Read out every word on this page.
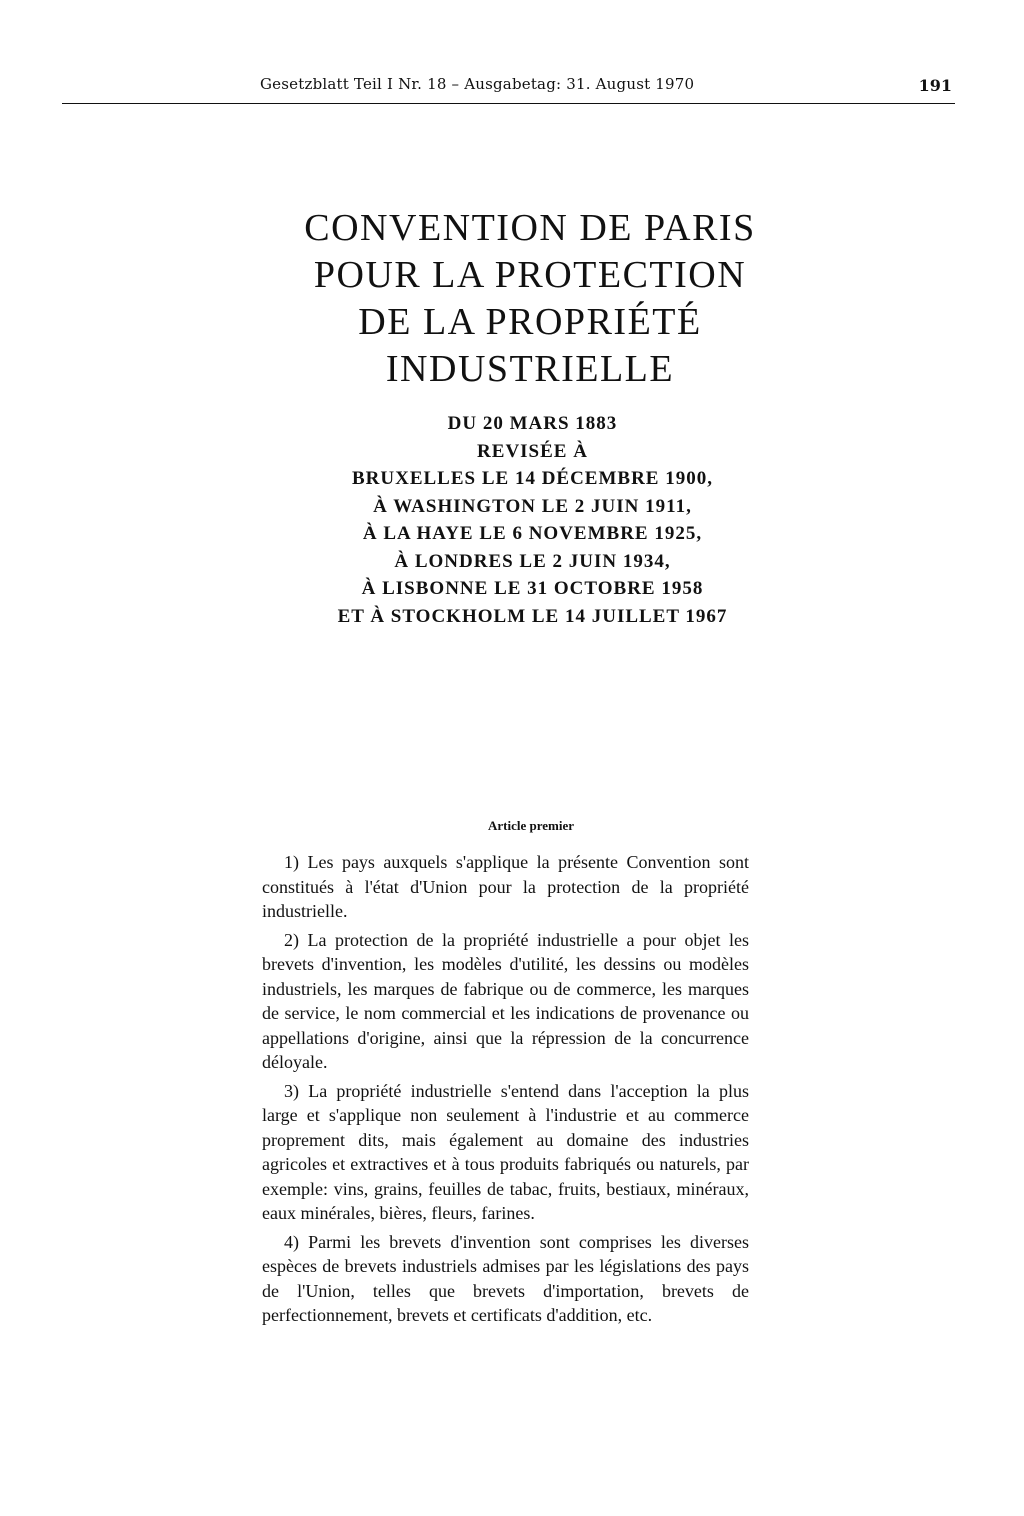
Gesetzblatt Teil I Nr. 18 – Ausgabetag: 31. August 1970	191
CONVENTION DE PARIS
POUR LA PROTECTION
DE LA PROPRIÉTÉ
INDUSTRIELLE
DU 20 MARS 1883
REVISÉE À
BRUXELLES LE 14 DÉCEMBRE 1900,
À WASHINGTON LE 2 JUIN 1911,
À LA HAYE LE 6 NOVEMBRE 1925,
À LONDRES LE 2 JUIN 1934,
À LISBONNE LE 31 OCTOBRE 1958
ET À STOCKHOLM LE 14 JUILLET 1967
Article premier

1) Les pays auxquels s'applique la présente Convention sont constitués à l'état d'Union pour la protection de la propriété industrielle.

2) La protection de la propriété industrielle a pour objet les brevets d'invention, les modèles d'utilité, les dessins ou modèles industriels, les marques de fabrique ou de commerce, les marques de service, le nom commercial et les indications de provenance ou appellations d'origine, ainsi que la répression de la concurrence déloyale.

3) La propriété industrielle s'entend dans l'acception la plus large et s'applique non seulement à l'industrie et au commerce proprement dits, mais également au domaine des industries agricoles et extractives et à tous produits fabriqués ou naturels, par exemple: vins, grains, feuilles de tabac, fruits, bestiaux, minéraux, eaux minérales, bières, fleurs, farines.

4) Parmi les brevets d'invention sont comprises les diverses espèces de brevets industriels admises par les législations des pays de l'Union, telles que brevets d'importation, brevets de perfectionnement, brevets et certificats d'addition, etc.
